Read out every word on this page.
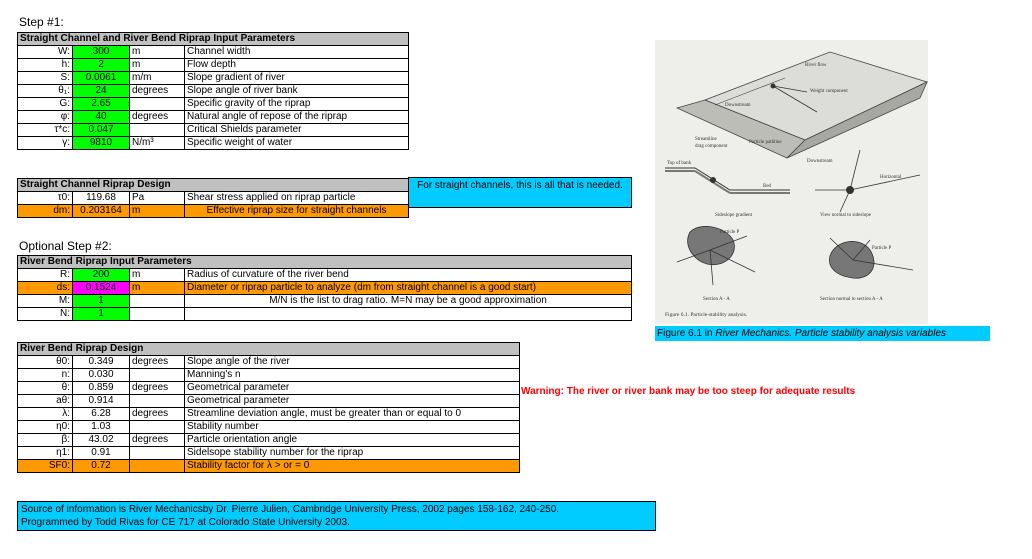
Step #1:
Straight Channel and River Bend Riprap Input Parameters			
W:	300	m	Channel width
h:	2	m	Flow depth
S:	0.0061	m/m	Slope gradient of river
θ₁:	24	degrees	Slope angle of river bank
G:	2.65		Specific gravity of the riprap
φ:	40	degrees	Natural angle of repose of the riprap
τ*c:	0.047		Critical Shields parameter
γ:	9810	N/m³	Specific weight of water
Straight Channel Riprap Design			
τ0:	119.68	Pa	Shear stress applied on riprap particle
dm:	0.203164	m	Effective riprap size for straight channels
For straight channels, this is all that is needed.
Optional Step #2:
River Bend Riprap Input Parameters			
R:	200	m	Radius of curvature of the river bend
ds:	0.1524	m	Diameter or riprap particle to analyze (dm from straight channel is a good start)
M:	1		M/N is the list to drag ratio. M=N may be a good approximation
N:	1		
River Bend Riprap Design			
θ0:	0.349	degrees	Slope angle of the river
n:	0.030		Manning's n
θ:	0.859	degrees	Geometrical parameter
aθ:	0.914		Geometrical parameter
λ:	6.28	degrees	Streamline deviation angle, must be greater than or equal to 0
η0:	1.03		Stability number
β:	43.02	degrees	Particle orientation angle
η1:	0.91		Sidelsope stability number for the riprap
SF0:	0.72		Stability factor for λ > or = 0
Warning: The river or river bank may be too steep for adequate results
Source of information is River Mechanicsby Dr. Pierre Julien, Cambridge University Press, 2002 pages 158-162, 240-250.
Programmed by Todd Rivas for CE 717 at Colorado State University 2003.
River flow
Weight component
Downstream
Streamline
drag component
Particle pathline
Top of bank
Bed
Sideslope gradient
Downstream
Horizontal
View normal to sideslope
Particle P
Section A - A
Particle P
Section normal to section A - A
Figure 6.1. Particle-stability analysis.
Figure 6.1 in River Mechanics. Particle stability analysis variables
